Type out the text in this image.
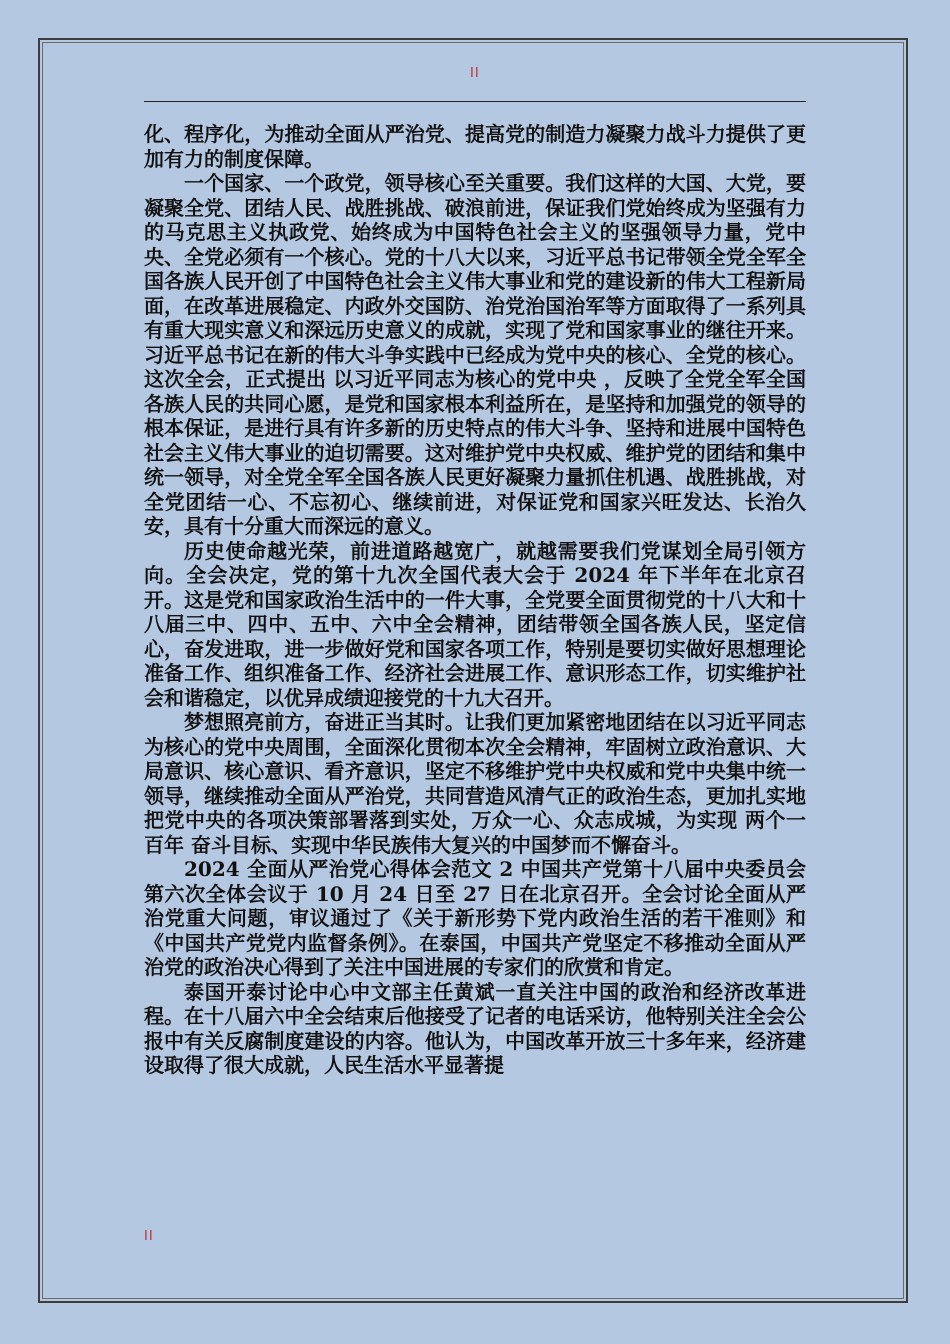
II

化、程序化，为推动全面从严治党、提高党的制造力凝聚力战斗力提供了更加有力的制度保障。

一个国家、一个政党，领导核心至关重要。我们这样的大国、大党，要凝聚全党、团结人民、战胜挑战、破浪前进，保证我们党始终成为坚强有力的马克思主义执政党、始终成为中国特色社会主义的坚强领导力量，党中央、全党必须有一个核心。党的十八大以来，习近平总书记带领全党全军全国各族人民开创了中国特色社会主义伟大事业和党的建设新的伟大工程新局面，在改革进展稳定、内政外交国防、治党治国治军等方面取得了一系列具有重大现实意义和深远历史意义的成就，实现了党和国家事业的继往开来。习近平总书记在新的伟大斗争实践中已经成为党中央的核心、全党的核心。这次全会，正式提出 以习近平同志为核心的党中央 ，反映了全党全军全国各族人民的共同心愿，是党和国家根本利益所在，是坚持和加强党的领导的根本保证，是进行具有许多新的历史特点的伟大斗争、坚持和进展中国特色社会主义伟大事业的迫切需要。这对维护党中央权威、维护党的团结和集中统一领导，对全党全军全国各族人民更好凝聚力量抓住机遇、战胜挑战，对全党团结一心、不忘初心、继续前进，对保证党和国家兴旺发达、长治久安，具有十分重大而深远的意义。

历史使命越光荣，前进道路越宽广，就越需要我们党谋划全局引领方向。全会决定，党的第十九次全国代表大会于 2024 年下半年在北京召开。这是党和国家政治生活中的一件大事，全党要全面贯彻党的十八大和十八届三中、四中、五中、六中全会精神，团结带领全国各族人民，坚定信心，奋发进取，进一步做好党和国家各项工作，特别是要切实做好思想理论准备工作、组织准备工作、经济社会进展工作、意识形态工作，切实维护社会和谐稳定，以优异成绩迎接党的十九大召开。

梦想照亮前方，奋进正当其时。让我们更加紧密地团结在以习近平同志为核心的党中央周围，全面深化贯彻本次全会精神，牢固树立政治意识、大局意识、核心意识、看齐意识，坚定不移维护党中央权威和党中央集中统一领导，继续推动全面从严治党，共同营造风清气正的政治生态，更加扎实地把党中央的各项决策部署落到实处，万众一心、众志成城，为实现 两个一百年 奋斗目标、实现中华民族伟大复兴的中国梦而不懈奋斗。

2024 全面从严治党心得体会范文 2 中国共产党第十八届中央委员会第六次全体会议于 10 月 24 日至 27 日在北京召开。全会讨论全面从严治党重大问题，审议通过了《关于新形势下党内政治生活的若干准则》和《中国共产党党内监督条例》。在泰国，中国共产党坚定不移推动全面从严治党的政治决心得到了关注中国进展的专家们的欣赏和肯定。

泰国开泰讨论中心中文部主任黄斌一直关注中国的政治和经济改革进程。在十八届六中全会结束后他接受了记者的电话采访，他特别关注全会公报中有关反腐制度建设的内容。他认为，中国改革开放三十多年来，经济建设取得了很大成就，人民生活水平显著提

II
